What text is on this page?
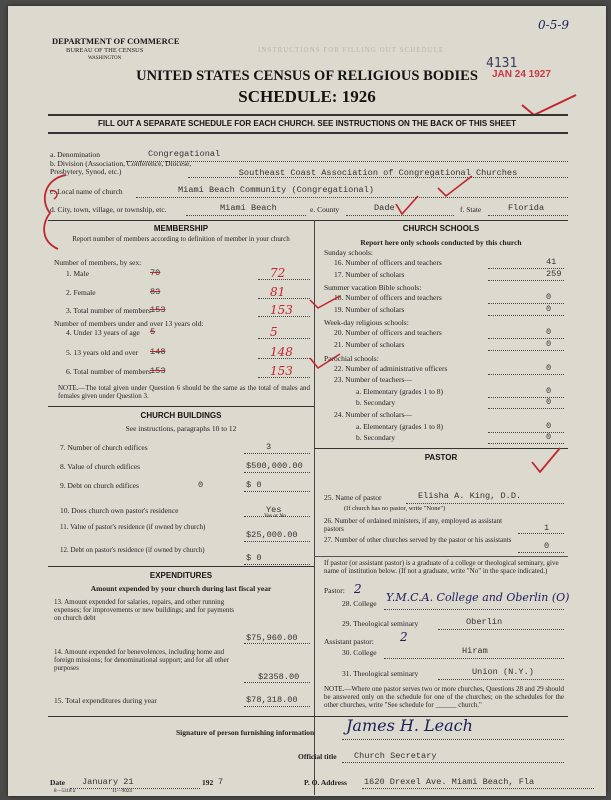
0-5-9
DEPARTMENT OF COMMERCE
BUREAU OF THE CENSUS
WASHINGTON
INSTRUCTIONS FOR FILLING OUT SCHEDULE
4131
JAN 24 1927
UNITED STATES CENSUS OF RELIGIOUS BODIES
SCHEDULE: 1926
FILL OUT A SEPARATE SCHEDULE FOR EACH CHURCH. SEE INSTRUCTIONS ON THE BACK OF THIS SHEET
a. Denomination	Congregational
b. Division (Association, Conference, Diocese, Presbytery, Synod, etc.)	Southeast Coast Association of Congregational Churches
c. Local name of church	Miami Beach Community (Congregational)
d. City, town, village, or township, etc.	Miami Beach	e. County	Dade	f. State	Florida
MEMBERSHIP
Report number of members according to definition of member in your church
Number of members, by sex:
1. Male	70	72
2. Female	83	81
3. Total number of members 153	153
4. Under 13 years of age 5	5
5. 13 years old and over 148	148
6. Total number of members 153	153
Number of members under and over 13 years old:
NOTE.—The total given under Question 6 should be the same as the total of males and females given under Question 3.
CHURCH BUILDINGS
See instructions, paragraphs 10 to 12
7. Number of church edifices	3
8. Value of church edifices	$500,000.00
9. Debt on church edifices	$ 0
0
10. Does church own pastor's residence	Yes
11. Value of pastor's residence (if owned by church)
$25,000.00
12. Debt on pastor's residence (if owned by church)
$ 0
Yes or No
EXPENDITURES
Amount expended by your church during last fiscal year
13. Amount expended for salaries, repairs, and other running expenses; for improvements or new buildings; and for payments on church debt
$75,960.00
14. Amount expended for benevolences, including home and foreign missions; for denominational support; and for all other purposes
$2358.00
15. Total expenditures during year	$78,318.00
CHURCH SCHOOLS
Report here only schools conducted by this church
Sunday schools:
16. Number of officers and teachers	41
17. Number of scholars	259
Summer vacation Bible schools:
18. Number of officers and teachers	0
19. Number of scholars	0
Week-day religious schools:
20. Number of officers and teachers	0
21. Number of scholars	0
Parochial schools:
22. Number of administrative officers	0
23. Number of teachers—
a. Elementary (grades 1 to 8)	0
b. Secondary	0
24. Number of scholars—
a. Elementary (grades 1 to 8)	0
b. Secondary	0
PASTOR
25. Name of pastor	Elisha A. King, D.D.
(If church has no pastor, write "None")
26. Number of ordained ministers, if any, employed as assistant pastors	1
27. Number of other churches served by the pastor or his assistants
0
If pastor (or assistant pastor) is a graduate of a college or theological seminary, give name of institution below. (If not a graduate, write "No" in the space indicated.)
Pastor: 2
28. College Y.M.C.A. College and Oberlin (O)
29. Theological seminary	Oberlin
Assistant pastor: 2
30. College	Hiram
31. Theological seminary	Union (N.Y.)
NOTE.—Where one pastor serves two or more churches, Questions 28 and 29 should be answered only on the schedule for one of the churches; on the schedules for the other churches, write "See schedule for ______ church."
Signature of person furnishing information James H. Leach
Official title Church Secretary
Date January 21	192 7	P. O. Address 1620 Drexel Ave. Miami Beach, Fla
8—5318 a	11—9024
